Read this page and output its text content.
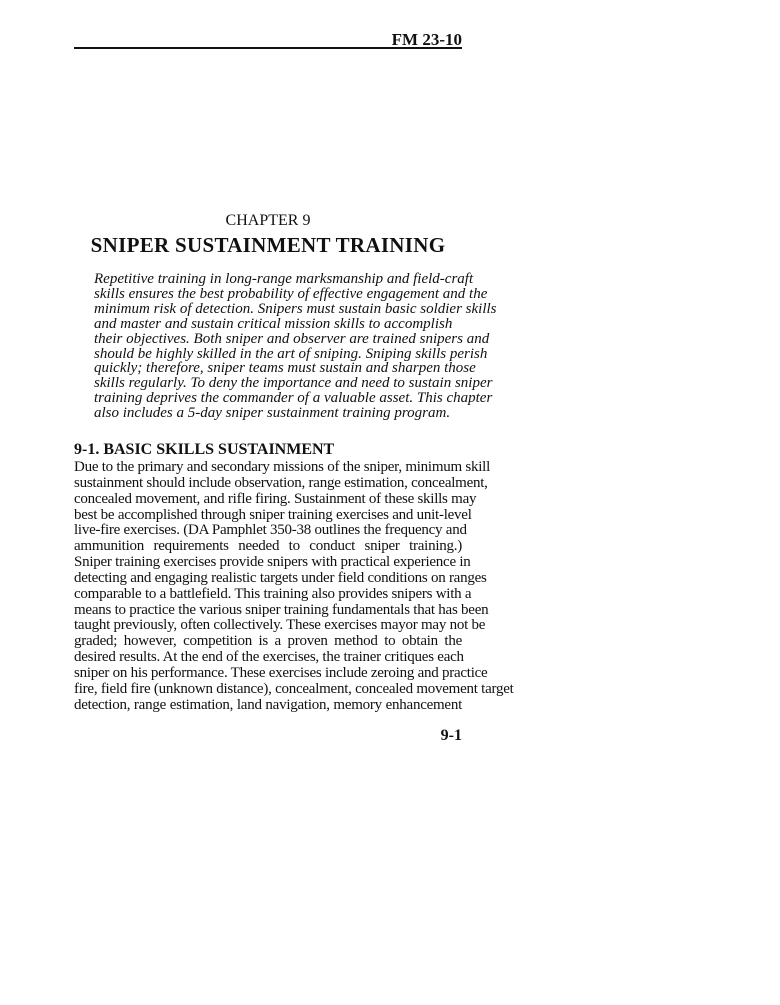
FM 23-10
CHAPTER 9
SNIPER SUSTAINMENT TRAINING
Repetitive training in long-range marksmanship and field-craft
skills ensures the best probability of effective engagement and the
minimum risk of detection. Snipers must sustain basic soldier skills
and master and sustain critical mission skills to accomplish
their objectives. Both sniper and observer are trained snipers and
should be highly skilled in the art of sniping. Sniping skills perish
quickly; therefore, sniper teams must sustain and sharpen those
skills regularly. To deny the importance and need to sustain sniper
training deprives the commander of a valuable asset. This chapter
also includes a 5-day sniper sustainment training program.
9-1. BASIC SKILLS SUSTAINMENT
Due to the primary and secondary missions of the sniper, minimum skill
sustainment should include observation, range estimation, concealment,
concealed movement, and rifle firing. Sustainment of these skills may
best be accomplished through sniper training exercises and unit-level
live-fire exercises. (DA Pamphlet 350-38 outlines the frequency and
ammunition requirements needed to conduct sniper training.)
Sniper training exercises provide snipers with practical experience in
detecting and engaging realistic targets under field conditions on ranges
comparable to a battlefield. This training also provides snipers with a
means to practice the various sniper training fundamentals that has been
taught previously, often collectively. These exercises mayor may not be
graded; however, competition is a proven method to obtain the
desired results. At the end of the exercises, the trainer critiques each
sniper on his performance. These exercises include zeroing and practice
fire, field fire (unknown distance), concealment, concealed movement target
detection, range estimation, land navigation, memory enhancement
9-1
